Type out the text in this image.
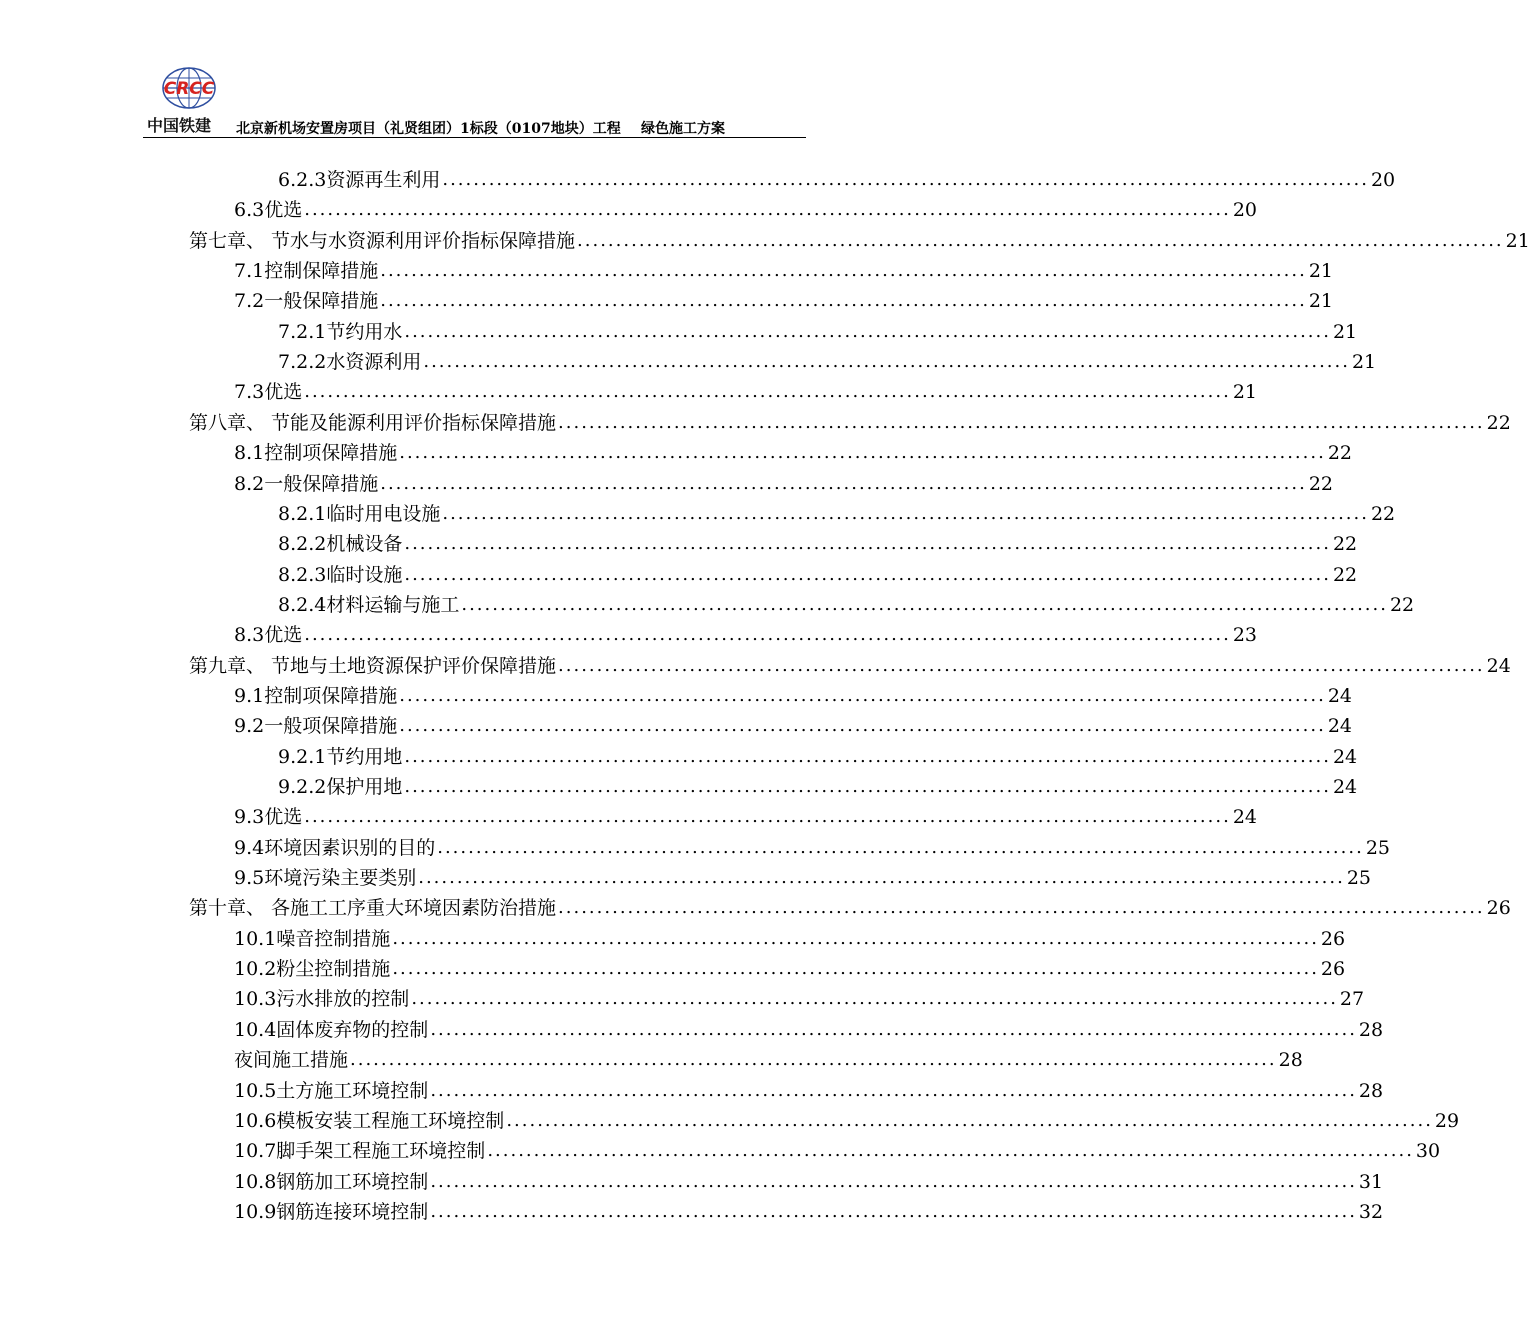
CRCC
中国铁建 北京新机场安置房项目（礼贤组团）1标段（0107地块）工程 绿色施工方案
6.2.3资源再生利用 ........................................................................................................................ 20
6.3优选 ........................................................................................................................ 20
第七章、 节水与水资源利用评价指标保障措施 ........................................................................................................................ 21
7.1控制保障措施 ........................................................................................................................ 21
7.2一般保障措施 ........................................................................................................................ 21
7.2.1节约用水 ........................................................................................................................ 21
7.2.2水资源利用 ........................................................................................................................ 21
7.3优选 ........................................................................................................................ 21
第八章、 节能及能源利用评价指标保障措施 ........................................................................................................................ 22
8.1控制项保障措施 ........................................................................................................................ 22
8.2一般保障措施 ........................................................................................................................ 22
8.2.1临时用电设施 ........................................................................................................................ 22
8.2.2机械设备 ........................................................................................................................ 22
8.2.3临时设施 ........................................................................................................................ 22
8.2.4材料运输与施工 ........................................................................................................................ 22
8.3优选 ........................................................................................................................ 23
第九章、 节地与土地资源保护评价保障措施 ........................................................................................................................ 24
9.1控制项保障措施 ........................................................................................................................ 24
9.2一般项保障措施 ........................................................................................................................ 24
9.2.1节约用地 ........................................................................................................................ 24
9.2.2保护用地 ........................................................................................................................ 24
9.3优选 ........................................................................................................................ 24
9.4环境因素识别的目的 ........................................................................................................................ 25
9.5环境污染主要类别 ........................................................................................................................ 25
第十章、 各施工工序重大环境因素防治措施 ........................................................................................................................ 26
10.1噪音控制措施 ........................................................................................................................ 26
10.2粉尘控制措施 ........................................................................................................................ 26
10.3污水排放的控制 ........................................................................................................................ 27
10.4固体废弃物的控制 ........................................................................................................................ 28
夜间施工措施 ........................................................................................................................ 28
10.5土方施工环境控制 ........................................................................................................................ 28
10.6模板安装工程施工环境控制 ........................................................................................................................ 29
10.7脚手架工程施工环境控制 ........................................................................................................................ 30
10.8钢筋加工环境控制 ........................................................................................................................ 31
10.9钢筋连接环境控制 ........................................................................................................................ 32
